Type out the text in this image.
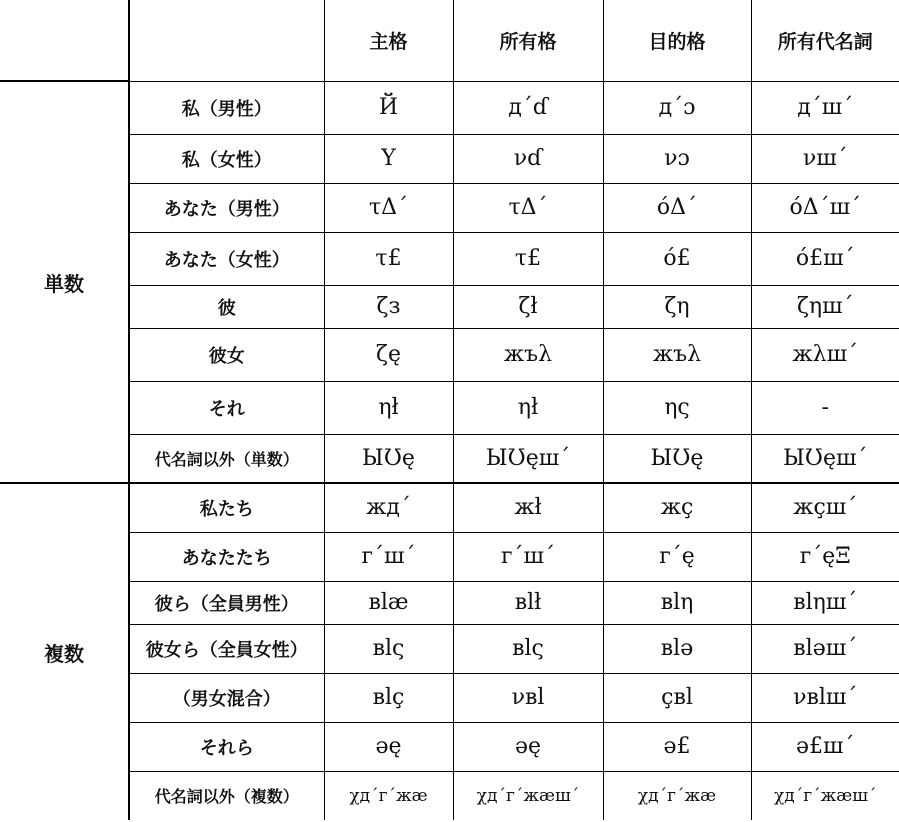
		主格	所有格	目的格	所有代名詞
単数	私（男性）	Й	д´ɗ	д´ɔ	д´ш´
	私（女性）	Y	νɗ	νɔ	νш´
	あなた（男性）	τΔ´	τΔ´	óΔ´	óΔ´ш´
	あなた（女性）	τ£	τ£	ó£	ó£ш´
	彼	ζз	ζł	ζη	ζηш´
	彼女	ζę	жъλ	жъλ	жλш´
	それ	ηł	ηł	ης	-
	代名詞以外（単数）	ЫƱę	ЫƱęш´	ЫƱę	ЫƱęш´
複数	私たち	жд´	жł	жç	жçш´
	あなたたち	г´ш´	г´ш´	г´ę	г´ęΞ
	彼ら（全員男性）	вlæ	вlł	вlη	вlηш´
	彼女ら（全員女性）	вlς	вlς	вlə	вləш´
	（男女混合）	вlç	νвl	çвl	νвlш´
	それら	əę	əę	ə£	ə£ш´
	代名詞以外（複数）	χд´г´жæ	χд´г´жæш´	χд´г´жæ	χд´г´жæш´
